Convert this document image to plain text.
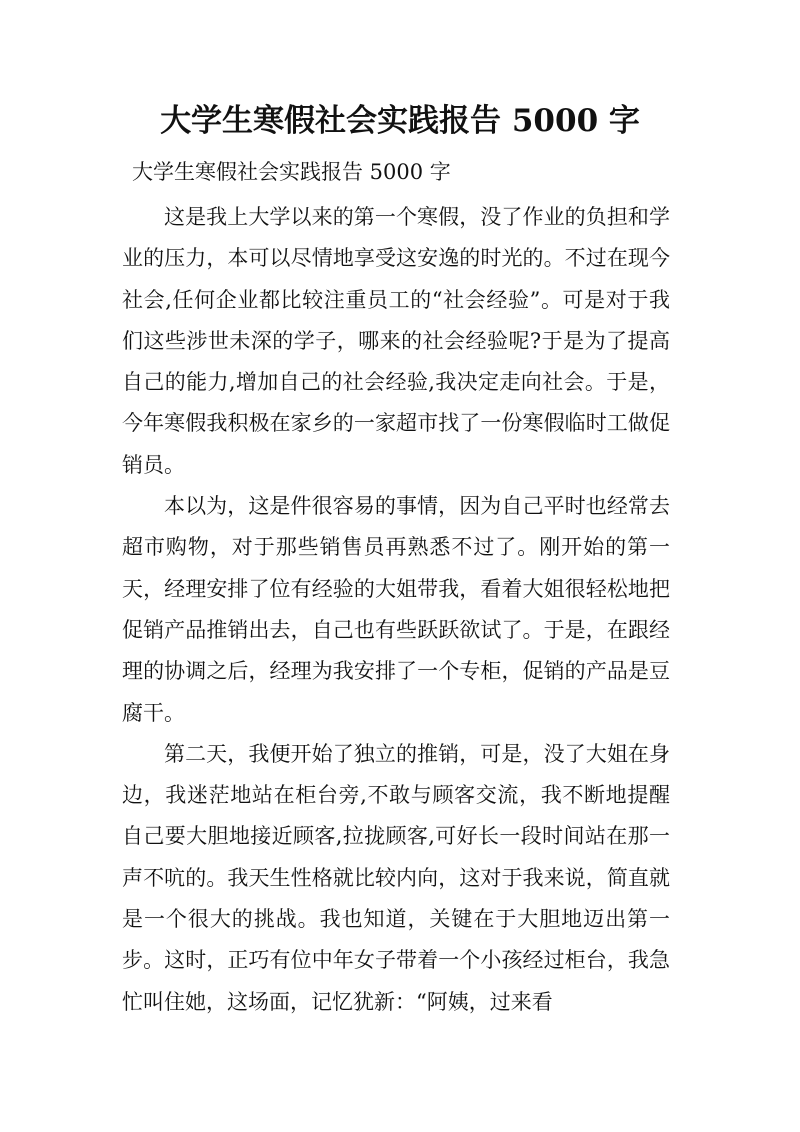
大学生寒假社会实践报告 5000 字

大学生寒假社会实践报告 5000 字

这是我上大学以来的第一个寒假，没了作业的负担和学业的压力，本可以尽情地享受这安逸的时光的。不过在现今社会,任何企业都比较注重员工的“社会经验”。可是对于我们这些涉世未深的学子，哪来的社会经验呢?于是为了提高自己的能力,增加自己的社会经验,我决定走向社会。于是，今年寒假我积极在家乡的一家超市找了一份寒假临时工做促销员。

本以为，这是件很容易的事情，因为自己平时也经常去超市购物，对于那些销售员再熟悉不过了。刚开始的第一天，经理安排了位有经验的大姐带我，看着大姐很轻松地把促销产品推销出去，自己也有些跃跃欲试了。于是，在跟经理的协调之后，经理为我安排了一个专柜，促销的产品是豆腐干。

第二天，我便开始了独立的推销，可是，没了大姐在身边，我迷茫地站在柜台旁,不敢与顾客交流，我不断地提醒自己要大胆地接近顾客,拉拢顾客,可好长一段时间站在那一声不吭的。我天生性格就比较内向，这对于我来说，简直就是一个很大的挑战。我也知道，关键在于大胆地迈出第一步。这时，正巧有位中年女子带着一个小孩经过柜台，我急忙叫住她，这场面，记忆犹新：“阿姨，过来看
